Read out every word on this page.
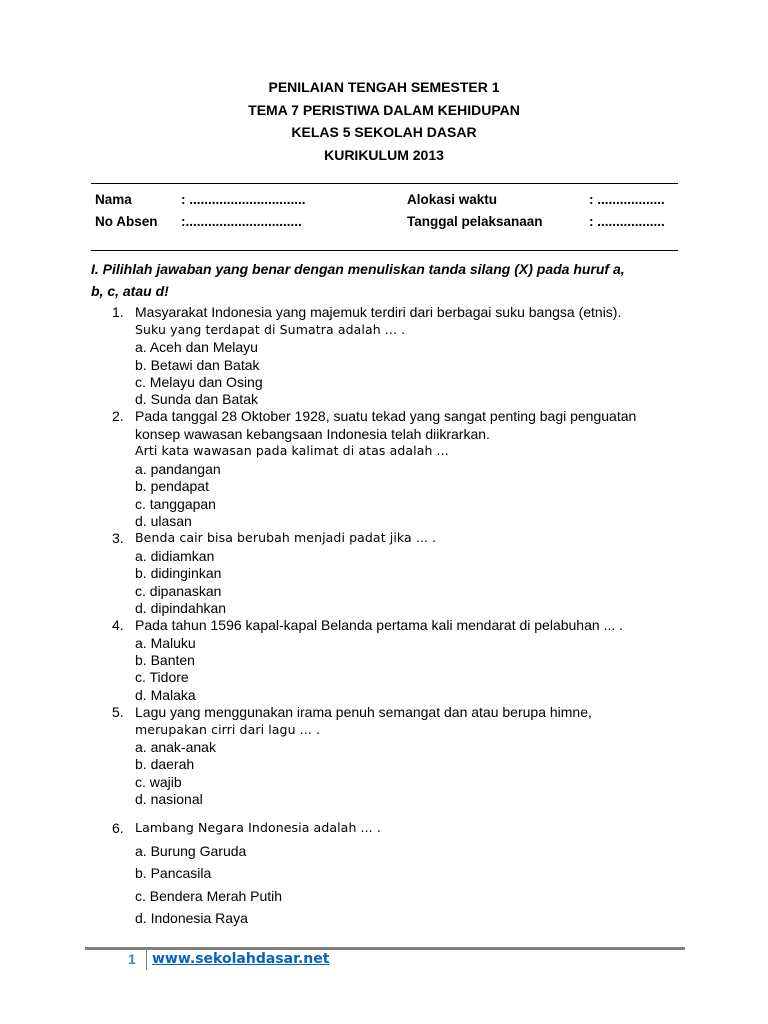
PENILAIAN TENGAH SEMESTER 1
TEMA 7 PERISTIWA DALAM KEHIDUPAN
KELAS 5 SEKOLAH DASAR
KURIKULUM 2013
Nama	: ...............................	Alokasi waktu	: ..................
No Absen :...............................	Tanggal pelaksanaan	: ..................
I. Pilihlah jawaban yang benar dengan menuliskan tanda silang (X) pada huruf a,
b, c, atau d!
1. Masyarakat Indonesia yang majemuk terdiri dari berbagai suku bangsa (etnis).
Suku yang terdapat di Sumatra adalah ... .
a. Aceh dan Melayu
b. Betawi dan Batak
c. Melayu dan Osing
d. Sunda dan Batak
2. Pada tanggal 28 Oktober 1928, suatu tekad yang sangat penting bagi penguatan
konsep wawasan kebangsaan Indonesia telah diikrarkan.
Arti kata wawasan pada kalimat di atas adalah ...
a. pandangan
b. pendapat
c. tanggapan
d. ulasan
3. Benda cair bisa berubah menjadi padat jika ... .
a. didiamkan
b. didinginkan
c. dipanaskan
d. dipindahkan
4. Pada tahun 1596 kapal-kapal Belanda pertama kali mendarat di pelabuhan ... .
a. Maluku
b. Banten
c. Tidore
d. Malaka
5. Lagu yang menggunakan irama penuh semangat dan atau berupa himne,
merupakan cirri dari lagu ... .
a. anak-anak
b. daerah
c. wajib
d. nasional
6. Lambang Negara Indonesia adalah ... .
a. Burung Garuda
b. Pancasila
c. Bendera Merah Putih
d. Indonesia Raya
1 www.sekolahdasar.net
